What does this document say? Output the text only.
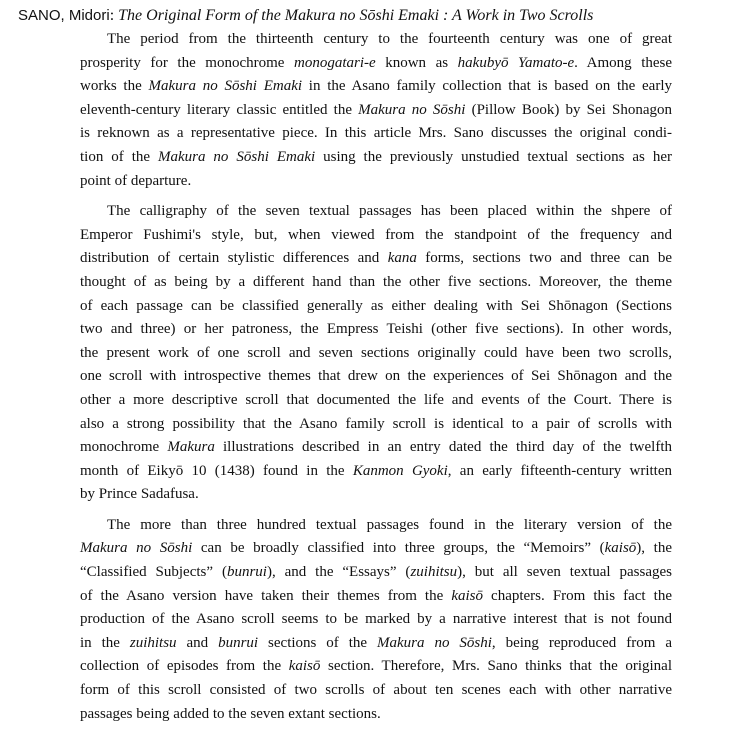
SANO, Midori: The Original Form of the Makura no Sōshi Emaki : A Work in Two Scrolls
The period from the thirteenth century to the fourteenth century was one of great
prosperity for the monochrome monogatari-e known as hakubyō Yamato-e. Among these
works the Makura no Sōshi Emaki in the Asano family collection that is based on the early
eleventh-century literary classic entitled the Makura no Sōshi (Pillow Book) by Sei Shonagon
is reknown as a representative piece. In this article Mrs. Sano discusses the original condi-
tion of the Makura no Sōshi Emaki using the previously unstudied textual sections as her
point of departure.
The calligraphy of the seven textual passages has been placed within the shpere of
Emperor Fushimi's style, but, when viewed from the standpoint of the frequency and
distribution of certain stylistic differences and kana forms, sections two and three can be
thought of as being by a different hand than the other five sections. Moreover, the theme
of each passage can be classified generally as either dealing with Sei Shōnagon (Sections
two and three) or her patroness, the Empress Teishi (other five sections). In other words,
the present work of one scroll and seven sections originally could have been two scrolls,
one scroll with introspective themes that drew on the experiences of Sei Shōnagon and the
other a more descriptive scroll that documented the life and events of the Court. There is
also a strong possibility that the Asano family scroll is identical to a pair of scrolls with
monochrome Makura illustrations described in an entry dated the third day of the twelfth
month of Eikyō 10 (1438) found in the Kanmon Gyoki, an early fifteenth-century written
by Prince Sadafusa.
The more than three hundred textual passages found in the literary version of the
Makura no Sōshi can be broadly classified into three groups, the “Memoirs” (kaisō), the
“Classified Subjects” (bunrui), and the “Essays” (zuihitsu), but all seven textual passages
of the Asano version have taken their themes from the kaisō chapters. From this fact the
production of the Asano scroll seems to be marked by a narrative interest that is not found
in the zuihitsu and bunrui sections of the Makura no Sōshi, being reproduced from a
collection of episodes from the kaisō section. Therefore, Mrs. Sano thinks that the original
form of this scroll consisted of two scrolls of about ten scenes each with other narrative
passages being added to the seven extant sections.
